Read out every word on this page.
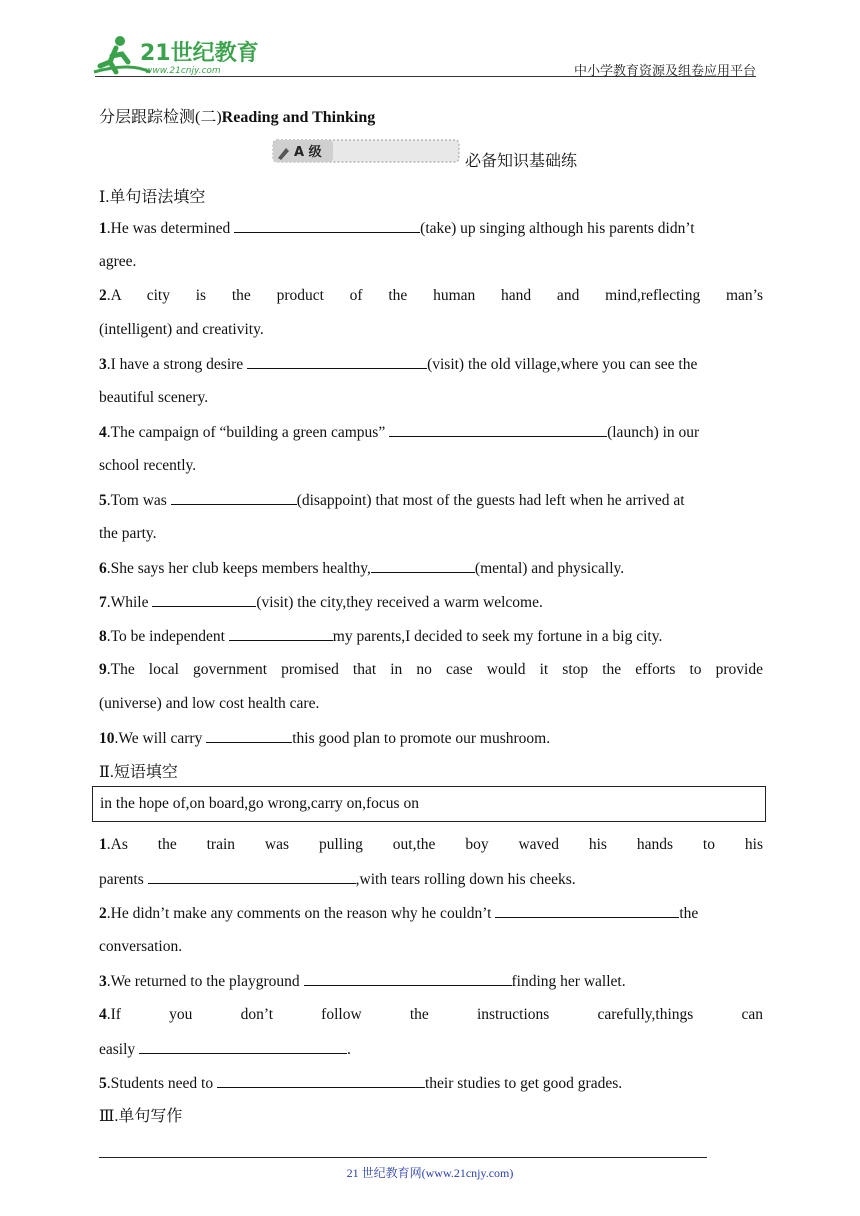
21世纪教育
www.21cnjy.com	中小学教育资源及组卷应用平台
分层跟踪检测(二)Reading and Thinking
A 级
必备知识基础练
Ⅰ.单句语法填空
1.He was determined	(take) up singing although his parents didn’t
agree.
2.A city is the product of the human hand and mind,reflecting man’s
(intelligent) and creativity.
3.I have a strong desire	(visit) the old village,where you can see the
beautiful scenery.
4.The campaign of “building a green campus”	(launch) in our
school recently.
5.Tom was	(disappoint) that most of the guests had left when he arrived at
the party.
6.She says her club keeps members healthy,	(mental) and physically.
7.While	(visit) the city,they received a warm welcome.
8.To be independent	my parents,I decided to seek my fortune in a big city.
9.The local government promised that in no case would it stop the efforts to provide
(universe) and low cost health care.
10.We will carry	this good plan to promote our mushroom.
Ⅱ.短语填空
in the hope of,on board,go wrong,carry on,focus on
1.As the train was pulling out,the boy waved his hands to his
parents	,with tears rolling down his cheeks.
2.He didn’t make any comments on the reason why he couldn’t	the
conversation.
3.We returned to the playground	finding her wallet.
4.If you don’t follow the instructions carefully,things can
easily	.
5.Students need to	their studies to get good grades.
Ⅲ.单句写作
21 世纪教育网(www.21cnjy.com)
